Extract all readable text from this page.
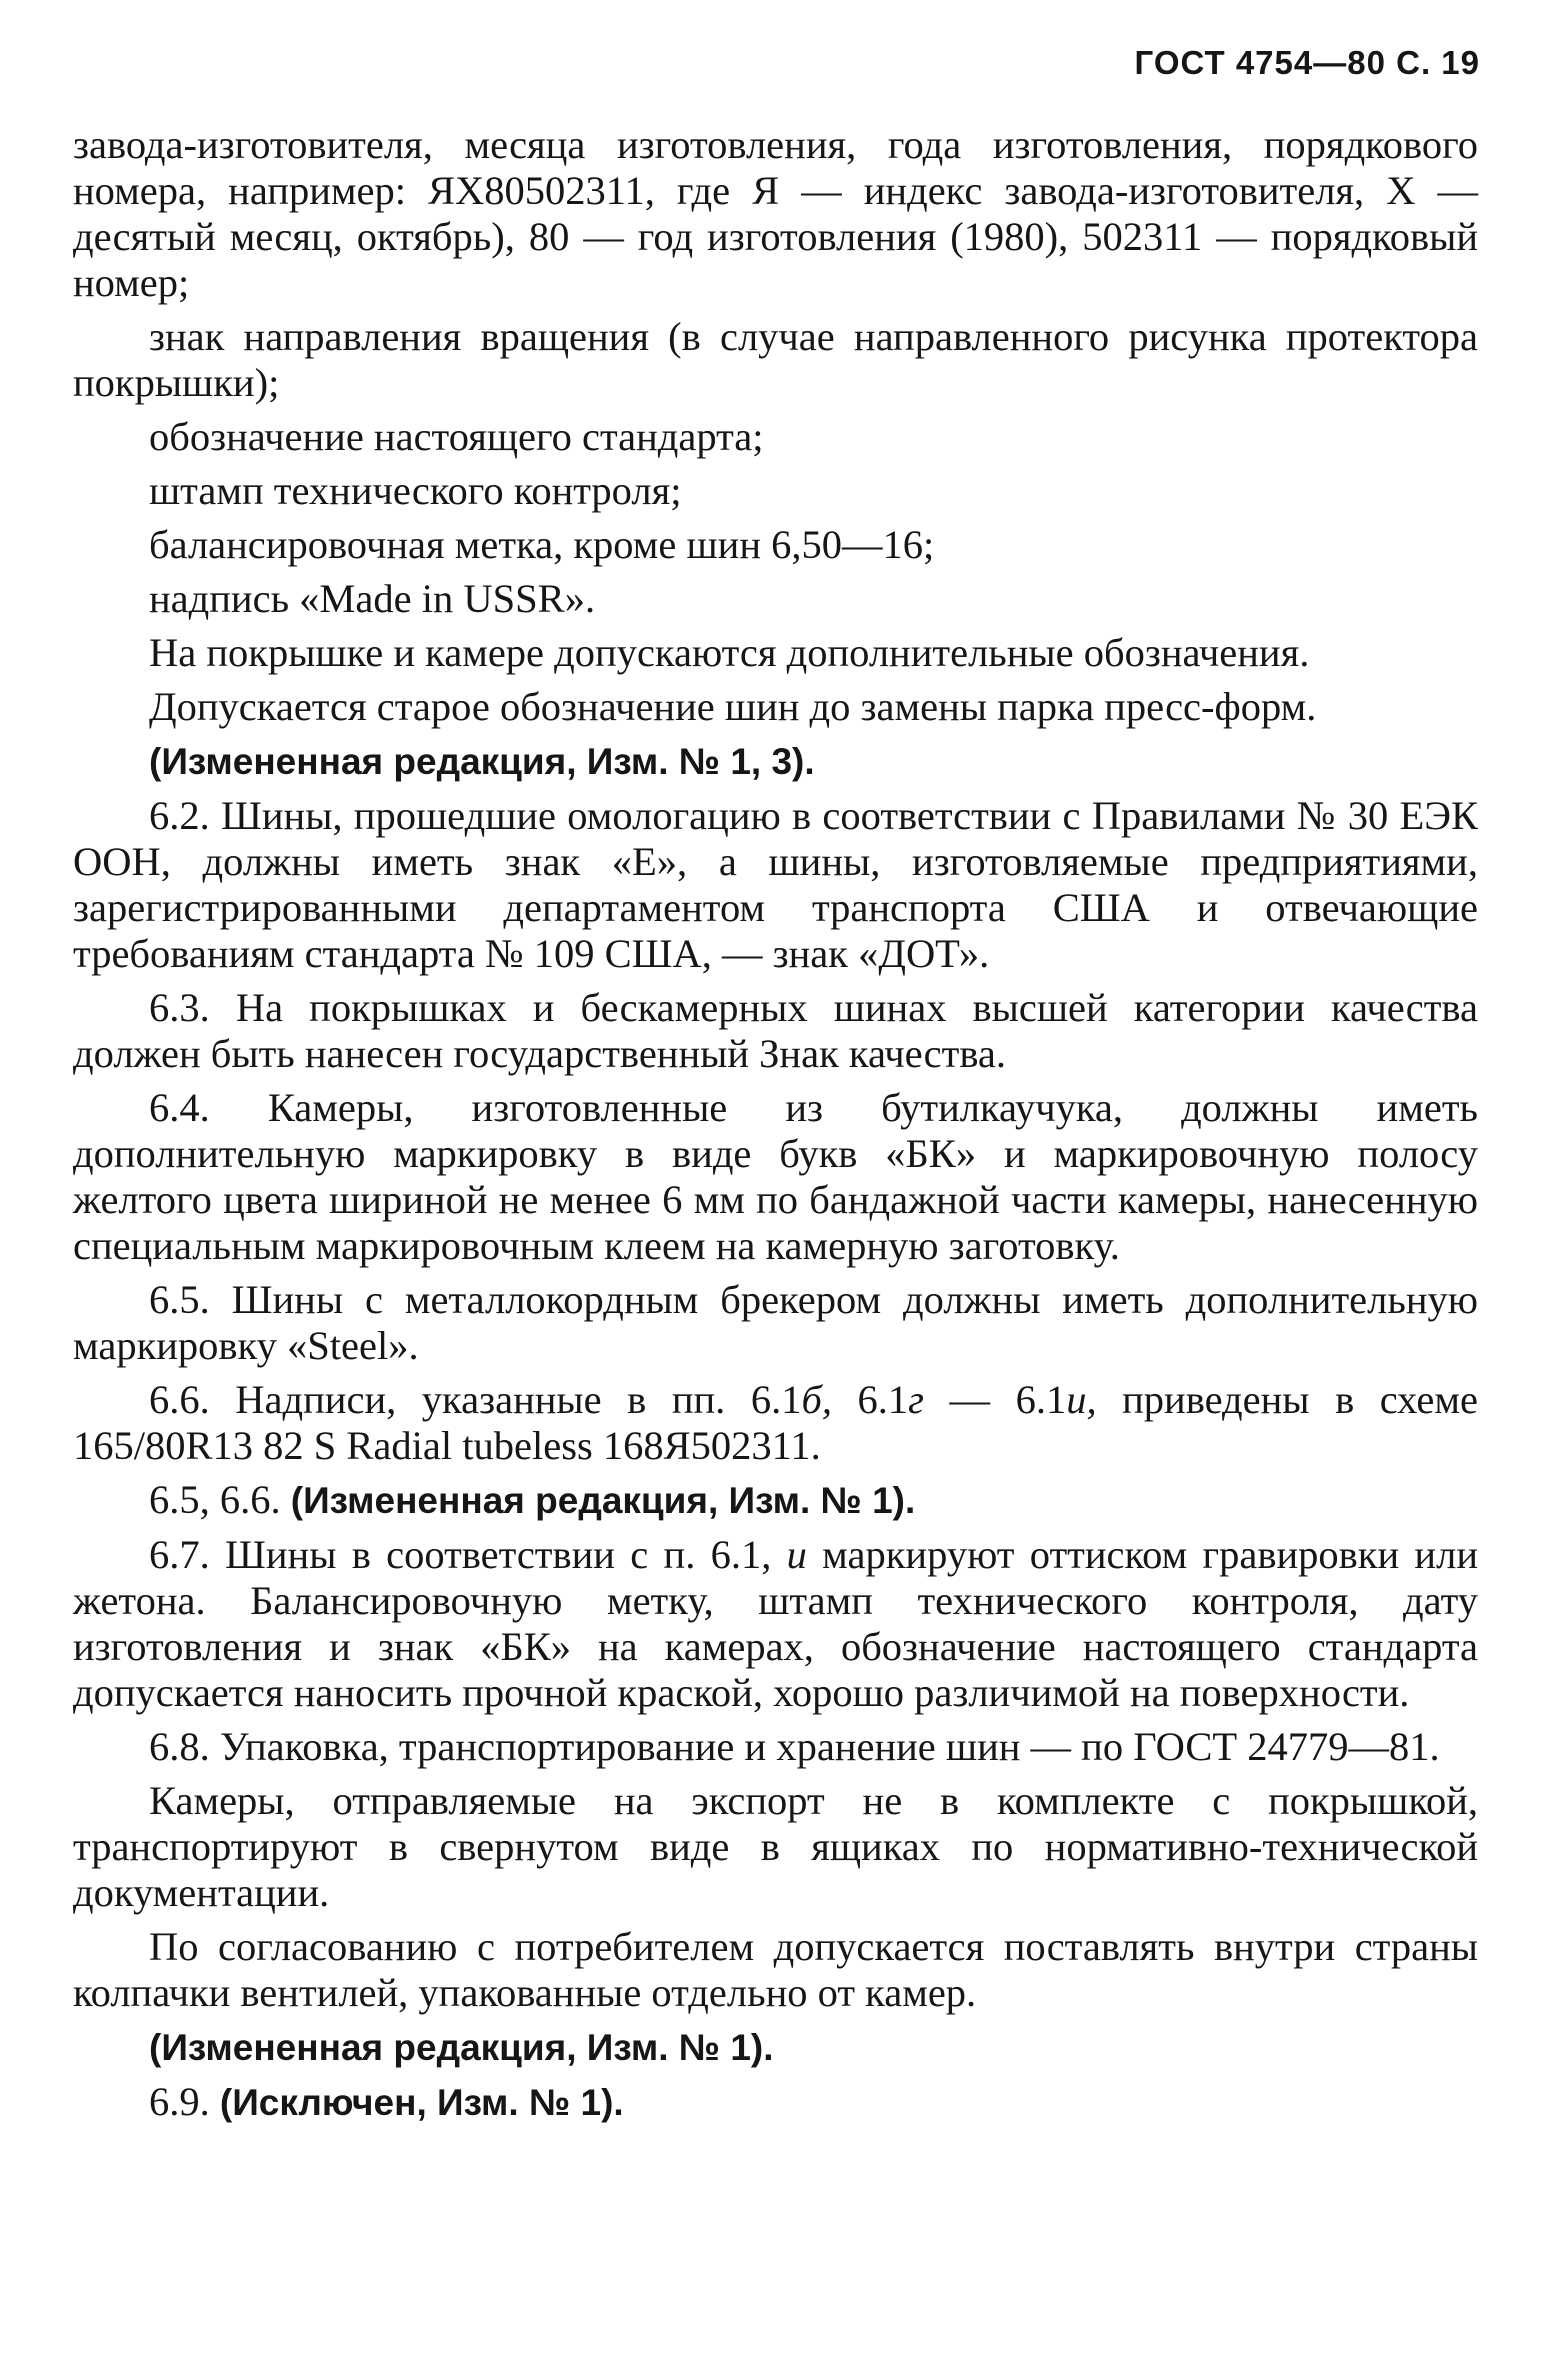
ГОСТ 4754—80 С. 19

завода-изготовителя, месяца изготовления, года изготовления, порядкового номера, например: ЯХ80502311, где Я — индекс завода-изготовителя, X — десятый месяц, октябрь), 80 — год изготовления (1980), 502311 — порядковый номер;

знак направления вращения (в случае направленного рисунка протектора покрышки);

обозначение настоящего стандарта;

штамп технического контроля;

балансировочная метка, кроме шин 6,50—16;

надпись «Made in USSR».

На покрышке и камере допускаются дополнительные обозначения.

Допускается старое обозначение шин до замены парка пресс-форм.

(Измененная редакция, Изм. № 1, 3).

6.2. Шины, прошедшие омологацию в соответствии с Правилами № 30 ЕЭК ООН, должны иметь знак «Е», а шины, изготовляемые предприятиями, зарегистрированными департаментом транспорта США и отвечающие требованиям стандарта № 109 США, — знак «ДОТ».

6.3. На покрышках и бескамерных шинах высшей категории качества должен быть нанесен государственный Знак качества.

6.4. Камеры, изготовленные из бутилкаучука, должны иметь дополнительную маркировку в виде букв «БК» и маркировочную полосу желтого цвета шириной не менее 6 мм по бандажной части камеры, нанесенную специальным маркировочным клеем на камерную заготовку.

6.5. Шины с металлокордным брекером должны иметь дополнительную маркировку «Steel».

6.6. Надписи, указанные в пп. 6.1б, 6.1г — 6.1и, приведены в схеме 165/80R13 82 S Radial tubeless 168Я502311.

6.5, 6.6. (Измененная редакция, Изм. № 1).

6.7. Шины в соответствии с п. 6.1, и маркируют оттиском гравировки или жетона. Балансировочную метку, штамп технического контроля, дату изготовления и знак «БК» на камерах, обозначение настоящего стандарта допускается наносить прочной краской, хорошо различимой на поверхности.

6.8. Упаковка, транспортирование и хранение шин — по ГОСТ 24779—81.

Камеры, отправляемые на экспорт не в комплекте с покрышкой, транспортируют в свернутом виде в ящиках по нормативно-технической документации.

По согласованию с потребителем допускается поставлять внутри страны колпачки вентилей, упакованные отдельно от камер.

(Измененная редакция, Изм. № 1).

6.9. (Исключен, Изм. № 1).
